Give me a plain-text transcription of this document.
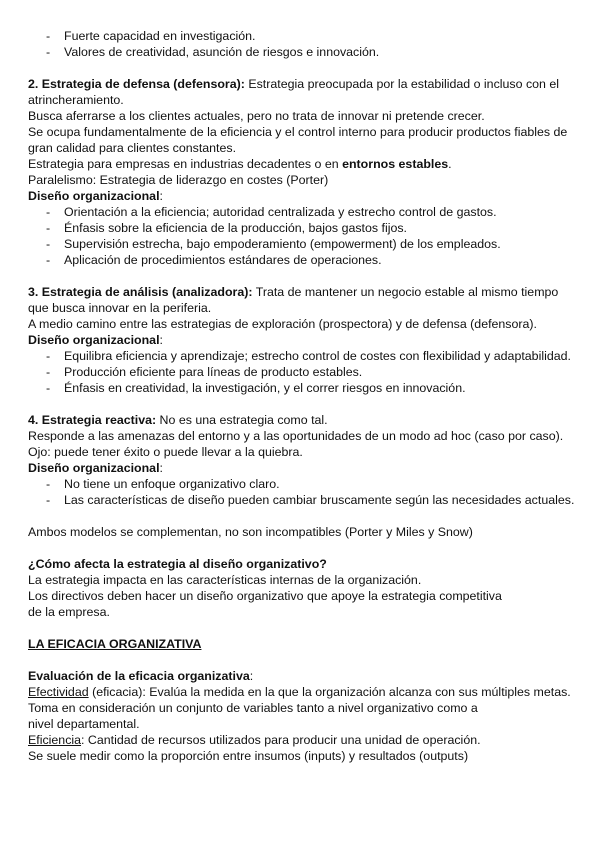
- Fuerte capacidad en investigación.
- Valores de creatividad, asunción de riesgos e innovación.

2. Estrategia de defensa (defensora): Estrategia preocupada por la estabilidad o incluso con el atrincheramiento.

Busca aferrarse a los clientes actuales, pero no trata de innovar ni pretende crecer.

Se ocupa fundamentalmente de la eficiencia y el control interno para producir productos fiables de gran calidad para clientes constantes.

Estrategia para empresas en industrias decadentes o en entornos estables.

Paralelismo: Estrategia de liderazgo en costes (Porter)

Diseño organizacional:

- Orientación a la eficiencia; autoridad centralizada y estrecho control de gastos.
- Énfasis sobre la eficiencia de la producción, bajos gastos fijos.
- Supervisión estrecha, bajo empoderamiento (empowerment) de los empleados.
- Aplicación de procedimientos estándares de operaciones.

3. Estrategia de análisis (analizadora): Trata de mantener un negocio estable al mismo tiempo que busca innovar en la periferia.

A medio camino entre las estrategias de exploración (prospectora) y de defensa (defensora).

Diseño organizacional:

- Equilibra eficiencia y aprendizaje; estrecho control de costes con flexibilidad y adaptabilidad.
- Producción eficiente para líneas de producto estables.
- Énfasis en creatividad, la investigación, y el correr riesgos en innovación.

4. Estrategia reactiva: No es una estrategia como tal.

Responde a las amenazas del entorno y a las oportunidades de un modo ad hoc (caso por caso).

Ojo: puede tener éxito o puede llevar a la quiebra.

Diseño organizacional:

- No tiene un enfoque organizativo claro.
- Las características de diseño pueden cambiar bruscamente según las necesidades actuales.

Ambos modelos se complementan, no son incompatibles (Porter y Miles y Snow)

¿Cómo afecta la estrategia al diseño organizativo?

La estrategia impacta en las características internas de la organización.

Los directivos deben hacer un diseño organizativo que apoye la estrategia competitiva de la empresa.

LA EFICACIA ORGANIZATIVA

Evaluación de la eficacia organizativa:

Efectividad (eficacia): Evalúa la medida en la que la organización alcanza con sus múltiples metas.

Toma en consideración un conjunto de variables tanto a nivel organizativo como a nivel departamental.

Eficiencia: Cantidad de recursos utilizados para producir una unidad de operación.

Se suele medir como la proporción entre insumos (inputs) y resultados (outputs)
